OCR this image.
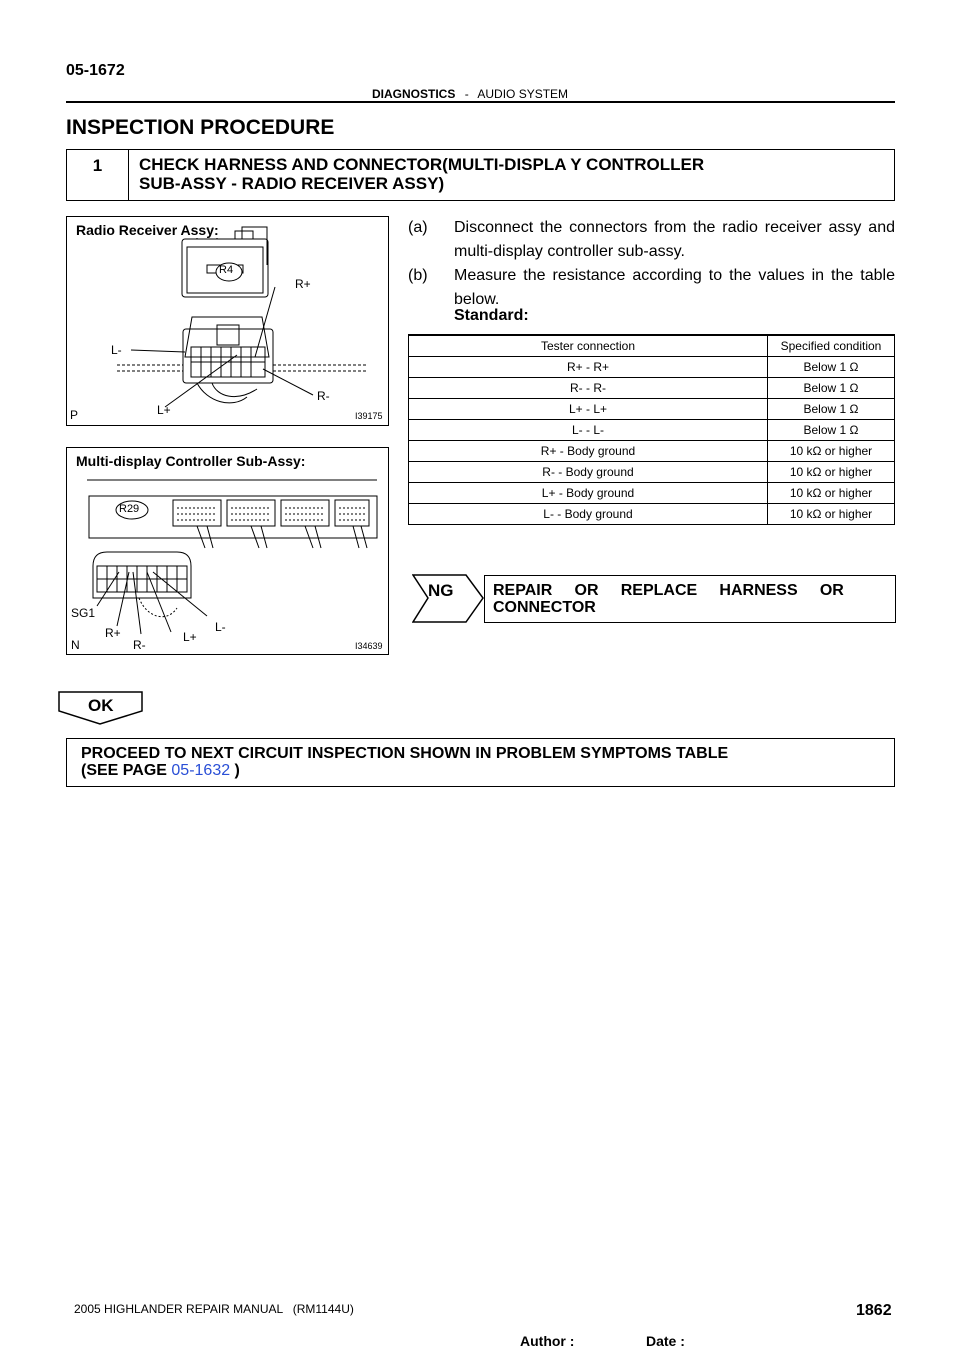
05-1672
DIAGNOSTICS - AUDIO SYSTEM
INSPECTION PROCEDURE
1	CHECK HARNESS AND CONNECTOR(MULTI-DISPLA Y CONTROLLER
SUB-ASSY - RADIO RECEIVER ASSY)
Radio Receiver Assy:
R4
R+
L-
R-
L+
P	I39175
Multi-display Controller Sub-Assy:
R29
SG1
L-
R+	L+
R-
N	I34639
(a) Disconnect the connectors from the radio receiver assy and multi-display controller sub-assy.
(b) Measure the resistance according to the values in the table below.
Standard:
Tester connection	Specified condition
R+ - R+	Below 1 Ω
R- - R-	Below 1 Ω
L+ - L+	Below 1 Ω
L- - L-	Below 1 Ω
R+ - Body ground	10 kΩ or higher
R- - Body ground	10 kΩ or higher
L+ - Body ground	10 kΩ or higher
L- - Body ground	10 kΩ or higher
NG REPAIR     OR     REPLACE     HARNESS     OR
CONNECTOR
OK
PROCEED TO NEXT CIRCUIT INSPECTION SHOWN IN PROBLEM SYMPTOMS TABLE
(SEE PAGE 05-1632 )
2005 HIGHLANDER REPAIR MANUAL   (RM1144U)
Author :	Date :
1862
